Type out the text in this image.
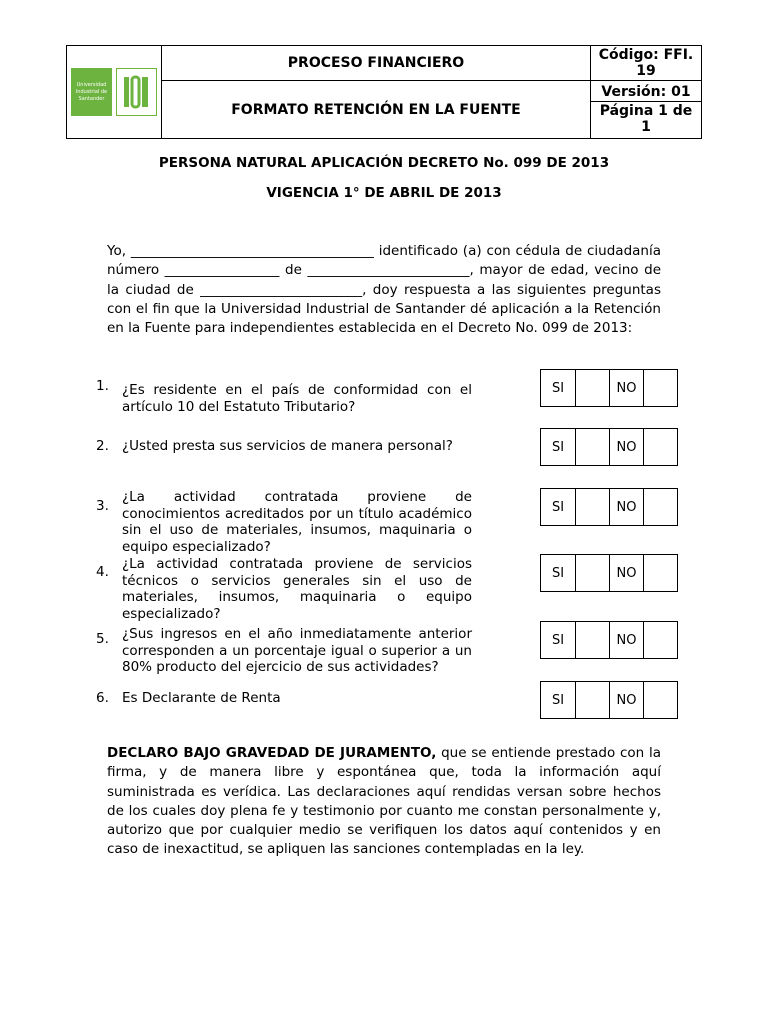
Universidad Industrial de Santander	PROCESO FINANCIERO	Código: FFI. 19
	FORMATO RETENCIÓN EN LA FUENTE	Versión: 01
Página 1 de 1
PERSONA NATURAL APLICACIÓN DECRETO No. 099 DE 2013
VIGENCIA 1° DE ABRIL DE 2013
Yo, ____________________________________ identificado (a) con cédula de ciudadanía número _________________ de ________________________, mayor de edad, vecino de la ciudad de ________________________, doy respuesta a las siguientes preguntas con el fin que la Universidad Industrial de Santander dé aplicación a la Retención en la Fuente para independientes establecida en el Decreto No. 099 de 2013:
1. ¿Es residente en el país de conformidad con el artículo 10 del Estatuto Tributario?
SI	NO
2. ¿Usted presta sus servicios de manera personal?	SI	NO
3.
¿La actividad contratada proviene de conocimientos acreditados por un título académico sin el uso de materiales, insumos, maquinaria o equipo especializado?
SI	NO
4. ¿La actividad contratada proviene de servicios técnicos o servicios generales sin el uso de materiales, insumos, maquinaria o equipo especializado?
SI	NO
5. ¿Sus ingresos en el año inmediatamente anterior corresponden a un porcentaje igual o superior a un 80% producto del ejercicio de sus actividades?
SI	NO
6. Es Declarante de Renta	SI	NO
DECLARO BAJO GRAVEDAD DE JURAMENTO, que se entiende prestado con la firma, y de manera libre y espontánea que, toda la información aquí suministrada es verídica. Las declaraciones aquí rendidas versan sobre hechos de los cuales doy plena fe y testimonio por cuanto me constan personalmente y, autorizo que por cualquier medio se verifiquen los datos aquí contenidos y en caso de inexactitud, se apliquen las sanciones contempladas en la ley.
